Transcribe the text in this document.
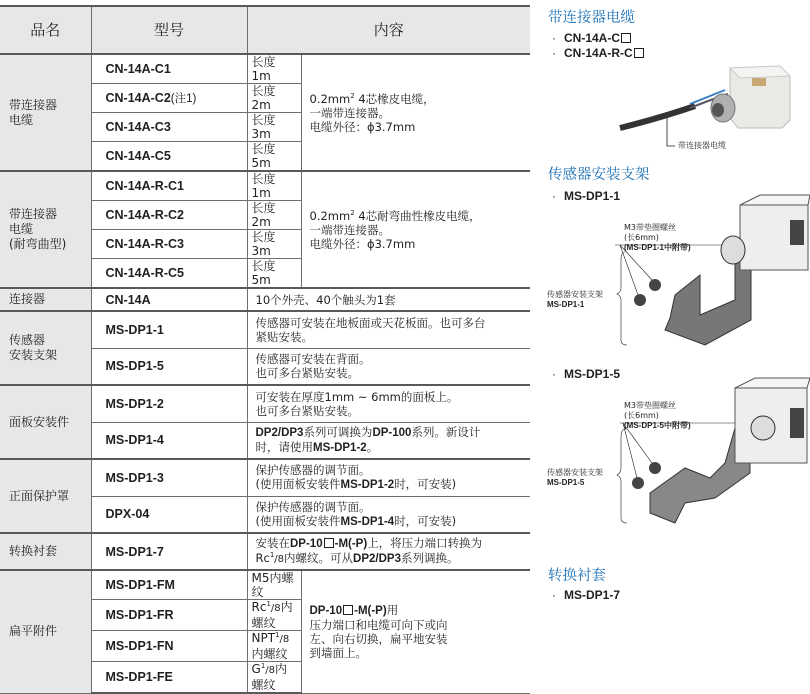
品名	型号	内容	

带连接器
电缆
	CN-14A-C1	长度1m	
$0.2mm^2$ 4芯橡皮电缆，
一端带连接器。
电缆外径：ϕ3.7mm

	CN-14A-C2(注1)	长度2m	
	CN-14A-C3	长度3m	
	CN-14A-C5	长度5m	

带连接器
电缆
(耐弯曲型)
	CN-14A-R-C1	长度1m	
$0.2mm^2$ 4芯耐弯曲性橡皮电缆，
一端带连接器。
电缆外径：ϕ3.7mm

	CN-14A-R-C2	长度2m	
	CN-14A-R-C3	长度3m	
	CN-14A-R-C5	长度5m	
连接器	CN-14A	10个外壳、40个触头为1套	

传感器
安装支架
	MS-DP1-1	传感器可安装在地板面或天花板面。也可多台
紧贴安装。

	MS-DP1-5	传感器可安装在背面。
也可多台紧贴安装。	

面板安装件	MS-DP1-2	可安装在厚度1mm ~ 6mm的面板上。
也可多台紧贴安装。	

	MS-DP1-4	DP2/DP3系列可调换为DP-100系列。新设计
时，请使用MS-DP1-2。	

正面保护罩	MS-DP1-3	保护传感器的调节面。
(使用面板安装件MS-DP1-2时，可安装)	

	DPX-04	保护传感器的调节面。
(使用面板安装件MS-DP1-4时，可安装)	

转换衬套	MS-DP1-7	安装在DP-10 -M(-P)上，将压力端口转换为
Rc$^1$/8内螺纹。可从DP2/DP3系列调换。	

扁平附件	MS-DP1-FM	M5内螺纹	DP-10 -M(-P)用
压力端口和电缆可向下或向
左、向右切换，扁平地安装
到墙面上。

	MS-DP1-FR	Rc$^1$/8内螺纹	
	MS-DP1-FN	NPT$^1$/8内螺纹	
	MS-DP1-FE	$G^1/8$内螺纹	
带连接器电缆
· CN-14A-C
· CN-14A-R-C
带连接器电缆
传感器安装支架
· MS-DP1-1
M3带垫圈螺丝
(长6mm)
(MS-DP1-1中附带)
传感器安装支架
MS-DP1-1
· MS-DP1-5
M3带垫圈螺丝
(长6mm)
(MS-DP1-5中附带)
传感器安装支架
MS-DP1-5
转换衬套
· MS-DP1-7
